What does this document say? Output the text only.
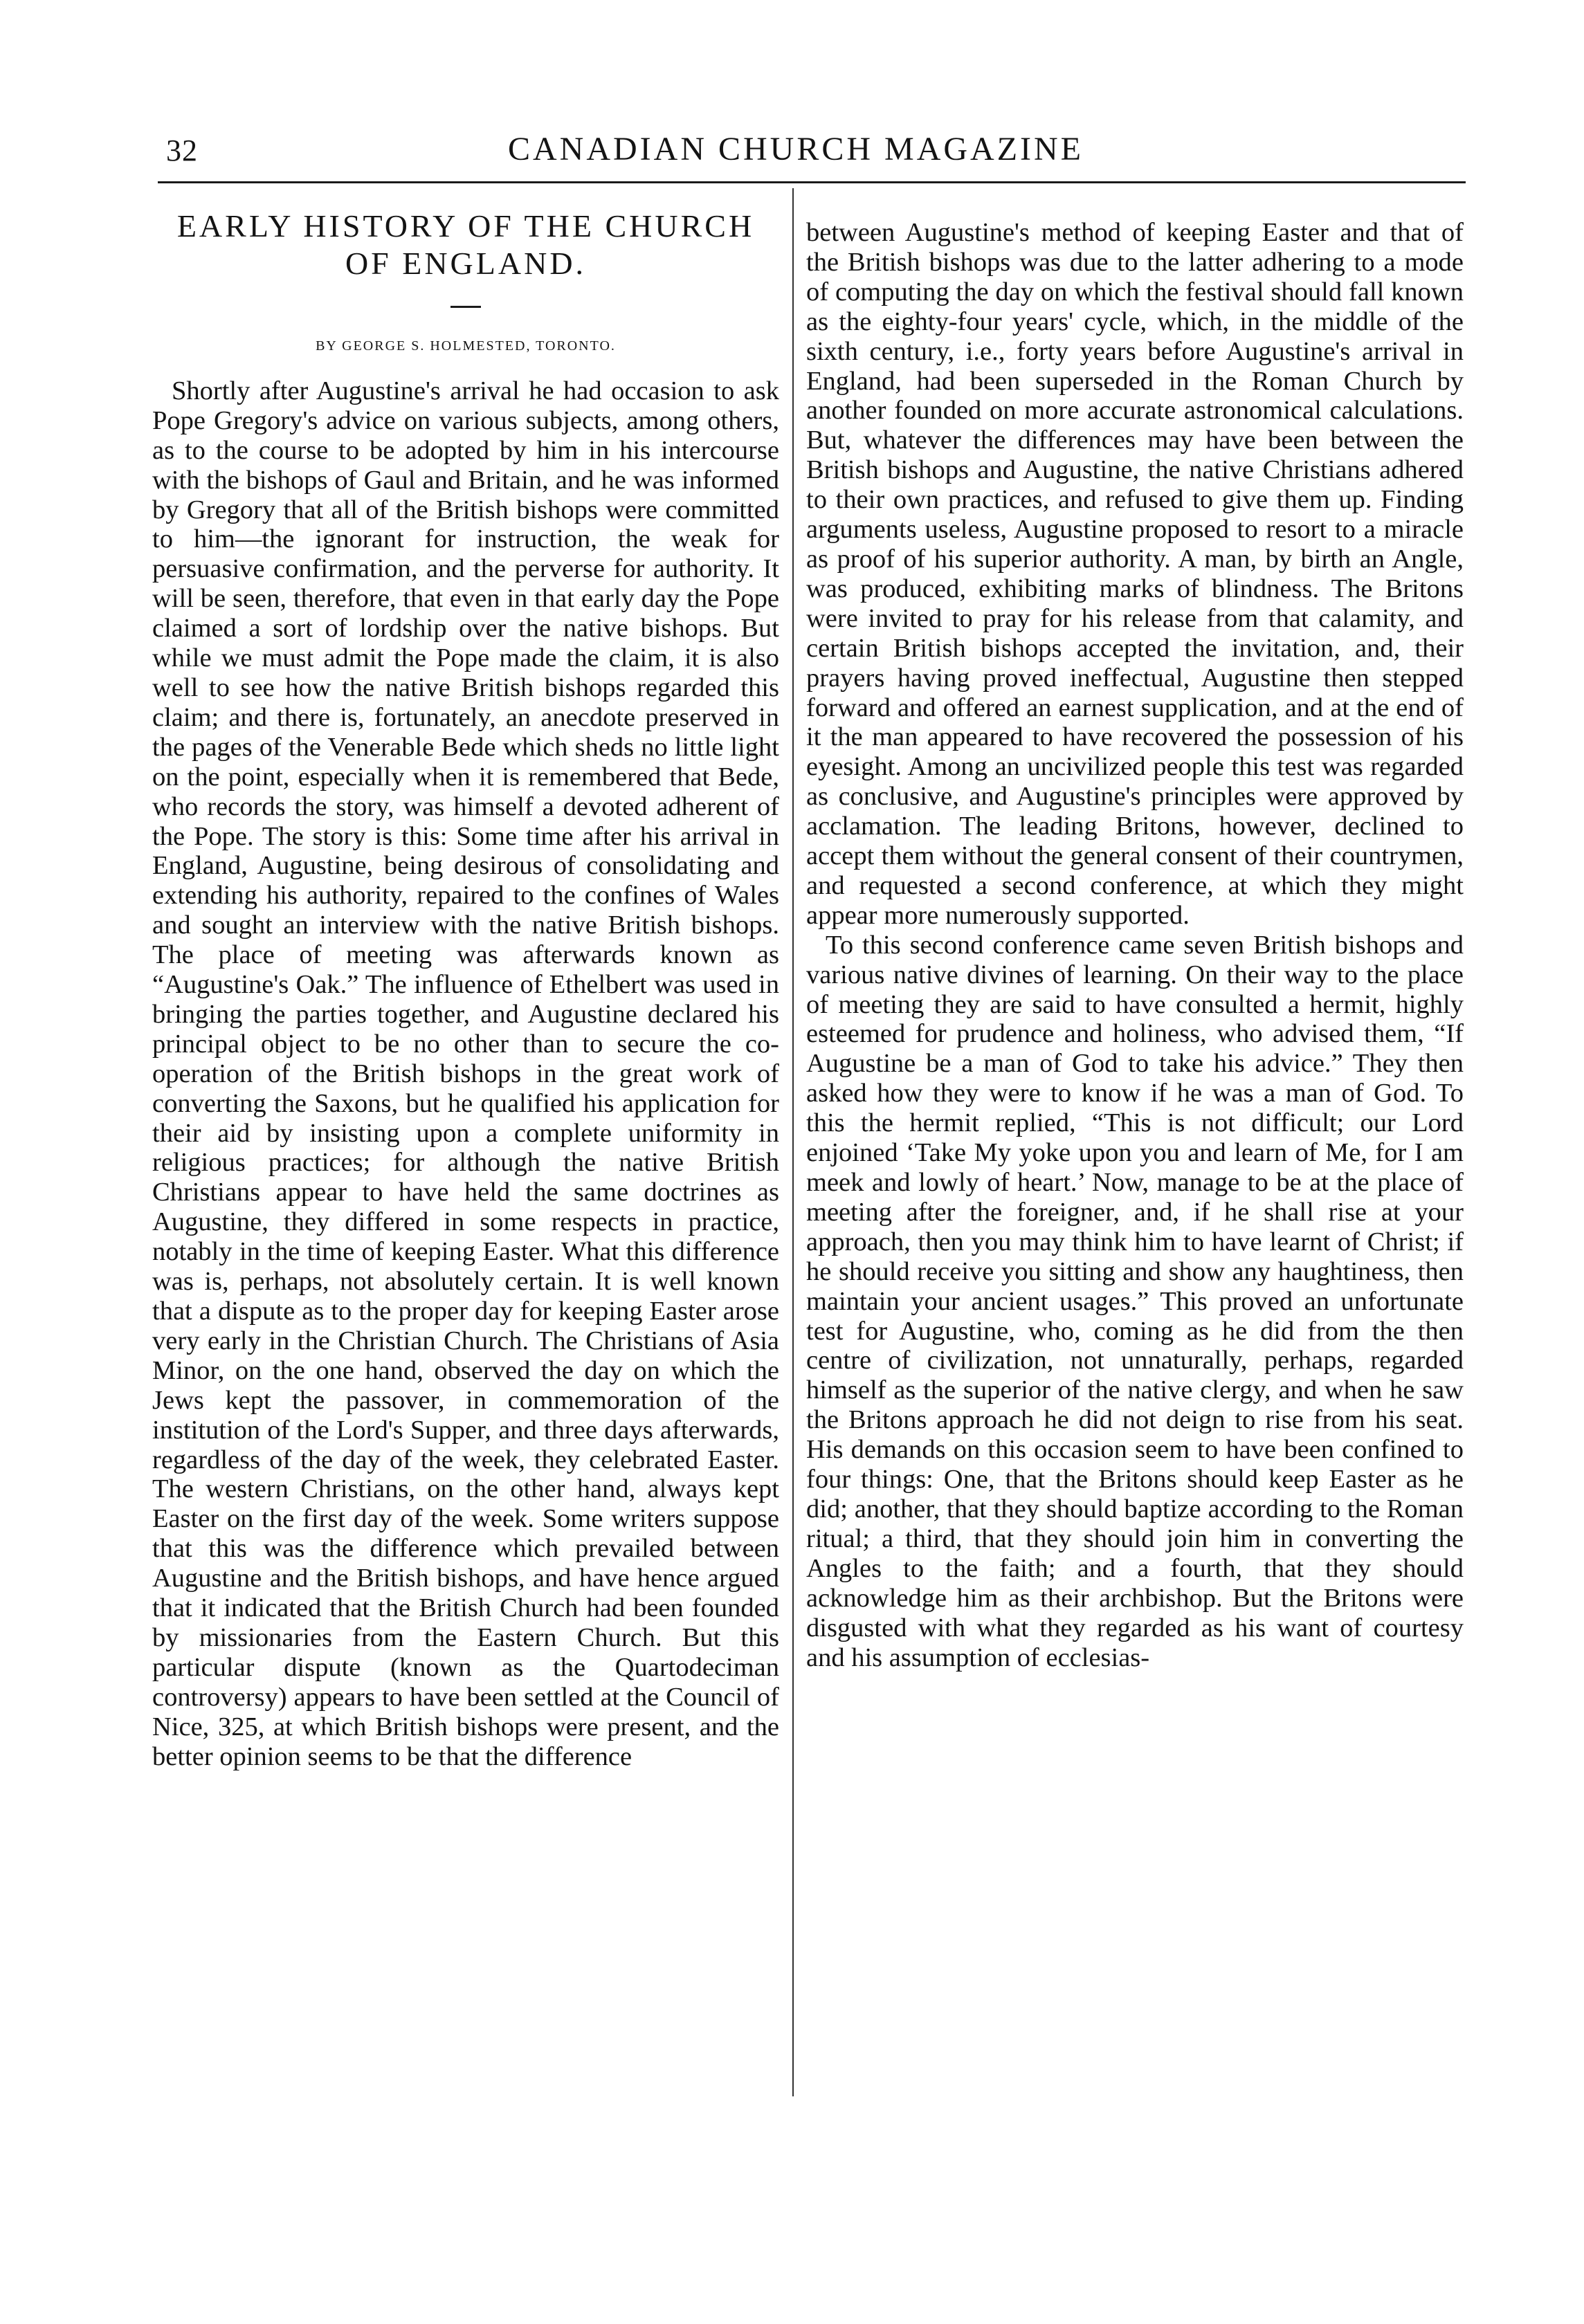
32	CANADIAN CHURCH MAGAZINE
EARLY HISTORY OF THE CHURCH OF ENGLAND.
BY GEORGE S. HOLMESTED, TORONTO.

Shortly after Augustine's arrival he had occasion to ask Pope Gregory's advice on various subjects, among others, as to the course to be adopted by him in his intercourse with the bishops of Gaul and Britain, and he was informed by Gregory that all of the British bishops were committed to him—the ignorant for instruction, the weak for persuasive confirmation, and the perverse for authority. It will be seen, therefore, that even in that early day the Pope claimed a sort of lordship over the native bishops. But while we must admit the Pope made the claim, it is also well to see how the native British bishops regarded this claim; and there is, fortunately, an anecdote preserved in the pages of the Venerable Bede which sheds no little light on the point, especially when it is remembered that Bede, who records the story, was himself a devoted adherent of the Pope. The story is this: Some time after his arrival in England, Augustine, being desirous of consolidating and extending his authority, repaired to the confines of Wales and sought an interview with the native British bishops. The place of meeting was afterwards known as “Augustine's Oak.” The influence of Ethelbert was used in bringing the parties together, and Augustine declared his principal object to be no other than to secure the co-operation of the British bishops in the great work of converting the Saxons, but he qualified his application for their aid by insisting upon a complete uniformity in religious practices; for although the native British Christians appear to have held the same doctrines as Augustine, they differed in some respects in practice, notably in the time of keeping Easter. What this difference was is, perhaps, not absolutely certain. It is well known that a dispute as to the proper day for keeping Easter arose very early in the Christian Church. The Christians of Asia Minor, on the one hand, observed the day on which the Jews kept the passover, in commemoration of the institution of the Lord's Supper, and three days afterwards, regardless of the day of the week, they celebrated Easter. The western Christians, on the other hand, always kept Easter on the first day of the week. Some writers suppose that this was the difference which prevailed between Augustine and the British bishops, and have hence argued that it indicated that the British Church had been founded by missionaries from the Eastern Church. But this particular dispute (known as the Quartodeciman controversy) appears to have been settled at the Council of Nice, 325, at which British bishops were present, and the better opinion seems to be that the difference

between Augustine's method of keeping Easter and that of the British bishops was due to the latter adhering to a mode of computing the day on which the festival should fall known as the eighty-four years' cycle, which, in the middle of the sixth century, i.e., forty years before Augustine's arrival in England, had been superseded in the Roman Church by another founded on more accurate astronomical calculations. But, whatever the differences may have been between the British bishops and Augustine, the native Christians adhered to their own practices, and refused to give them up. Finding arguments useless, Augustine proposed to resort to a miracle as proof of his superior authority. A man, by birth an Angle, was produced, exhibiting marks of blindness. The Britons were invited to pray for his release from that calamity, and certain British bishops accepted the invitation, and, their prayers having proved ineffectual, Augustine then stepped forward and offered an earnest supplication, and at the end of it the man appeared to have recovered the possession of his eyesight. Among an uncivilized people this test was regarded as conclusive, and Augustine's principles were approved by acclamation. The leading Britons, however, declined to accept them without the general consent of their countrymen, and requested a second conference, at which they might appear more numerously supported.

To this second conference came seven British bishops and various native divines of learning. On their way to the place of meeting they are said to have consulted a hermit, highly esteemed for prudence and holiness, who advised them, “If Augustine be a man of God to take his advice.” They then asked how they were to know if he was a man of God. To this the hermit replied, “This is not difficult; our Lord enjoined ‘Take My yoke upon you and learn of Me, for I am meek and lowly of heart.’ Now, manage to be at the place of meeting after the foreigner, and, if he shall rise at your approach, then you may think him to have learnt of Christ; if he should receive you sitting and show any haughtiness, then maintain your ancient usages.” This proved an unfortunate test for Augustine, who, coming as he did from the then centre of civilization, not unnaturally, perhaps, regarded himself as the superior of the native clergy, and when he saw the Britons approach he did not deign to rise from his seat. His demands on this occasion seem to have been confined to four things: One, that the Britons should keep Easter as he did; another, that they should baptize according to the Roman ritual; a third, that they should join him in converting the Angles to the faith; and a fourth, that they should acknowledge him as their archbishop. But the Britons were disgusted with what they regarded as his want of courtesy and his assumption of ecclesias-
